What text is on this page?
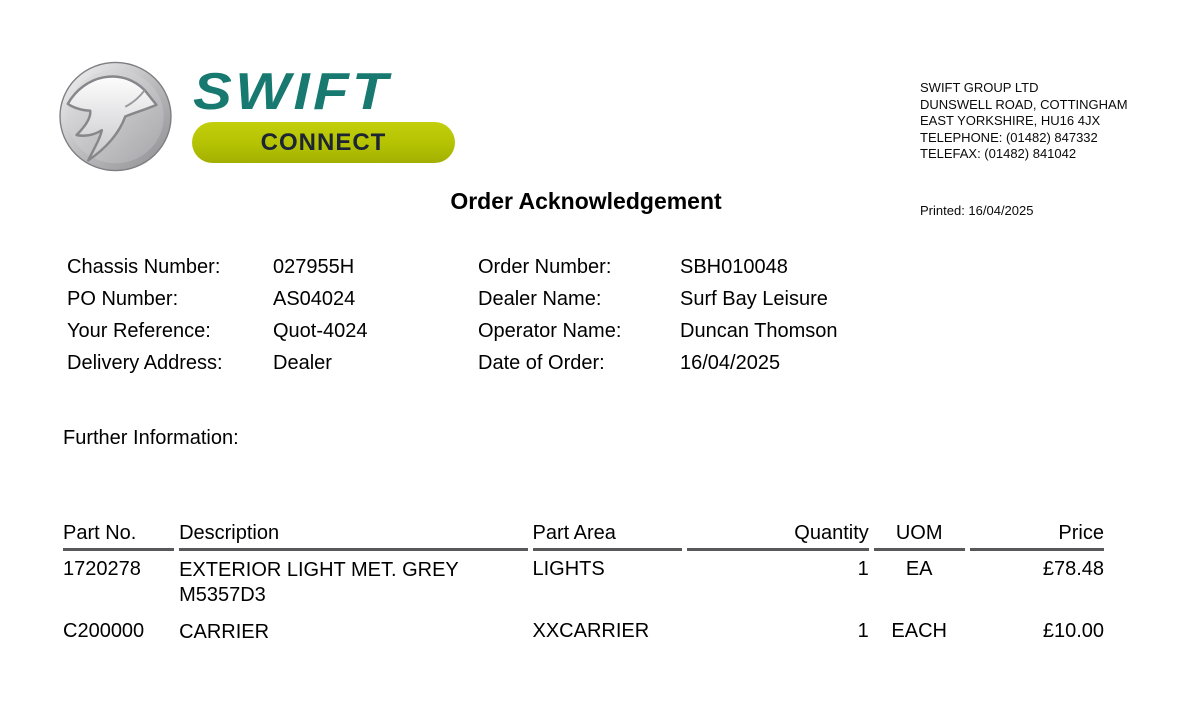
SWIFT
CONNECT
SWIFT GROUP LTD
DUNSWELL ROAD, COTTINGHAM
EAST YORKSHIRE, HU16 4JX
TELEPHONE: (01482) 847332
TELEFAX: (01482) 841042
Printed: 16/04/2025
Order Acknowledgement
Chassis Number:	027955H	Order Number:	SBH010048
PO Number:	AS04024	Dealer Name:	Surf Bay Leisure
Your Reference:	Quot-4024	Operator Name:	Duncan Thomson
Delivery Address:	Dealer	Date of Order:	16/04/2025
Further Information:
Part No.	Description	Part Area	Quantity	UOM	Price
1720278	EXTERIOR LIGHT MET. GREY M5357D3	LIGHTS	1	EA	£78.48
C200000	CARRIER	XXCARRIER	1	EACH	£10.00
